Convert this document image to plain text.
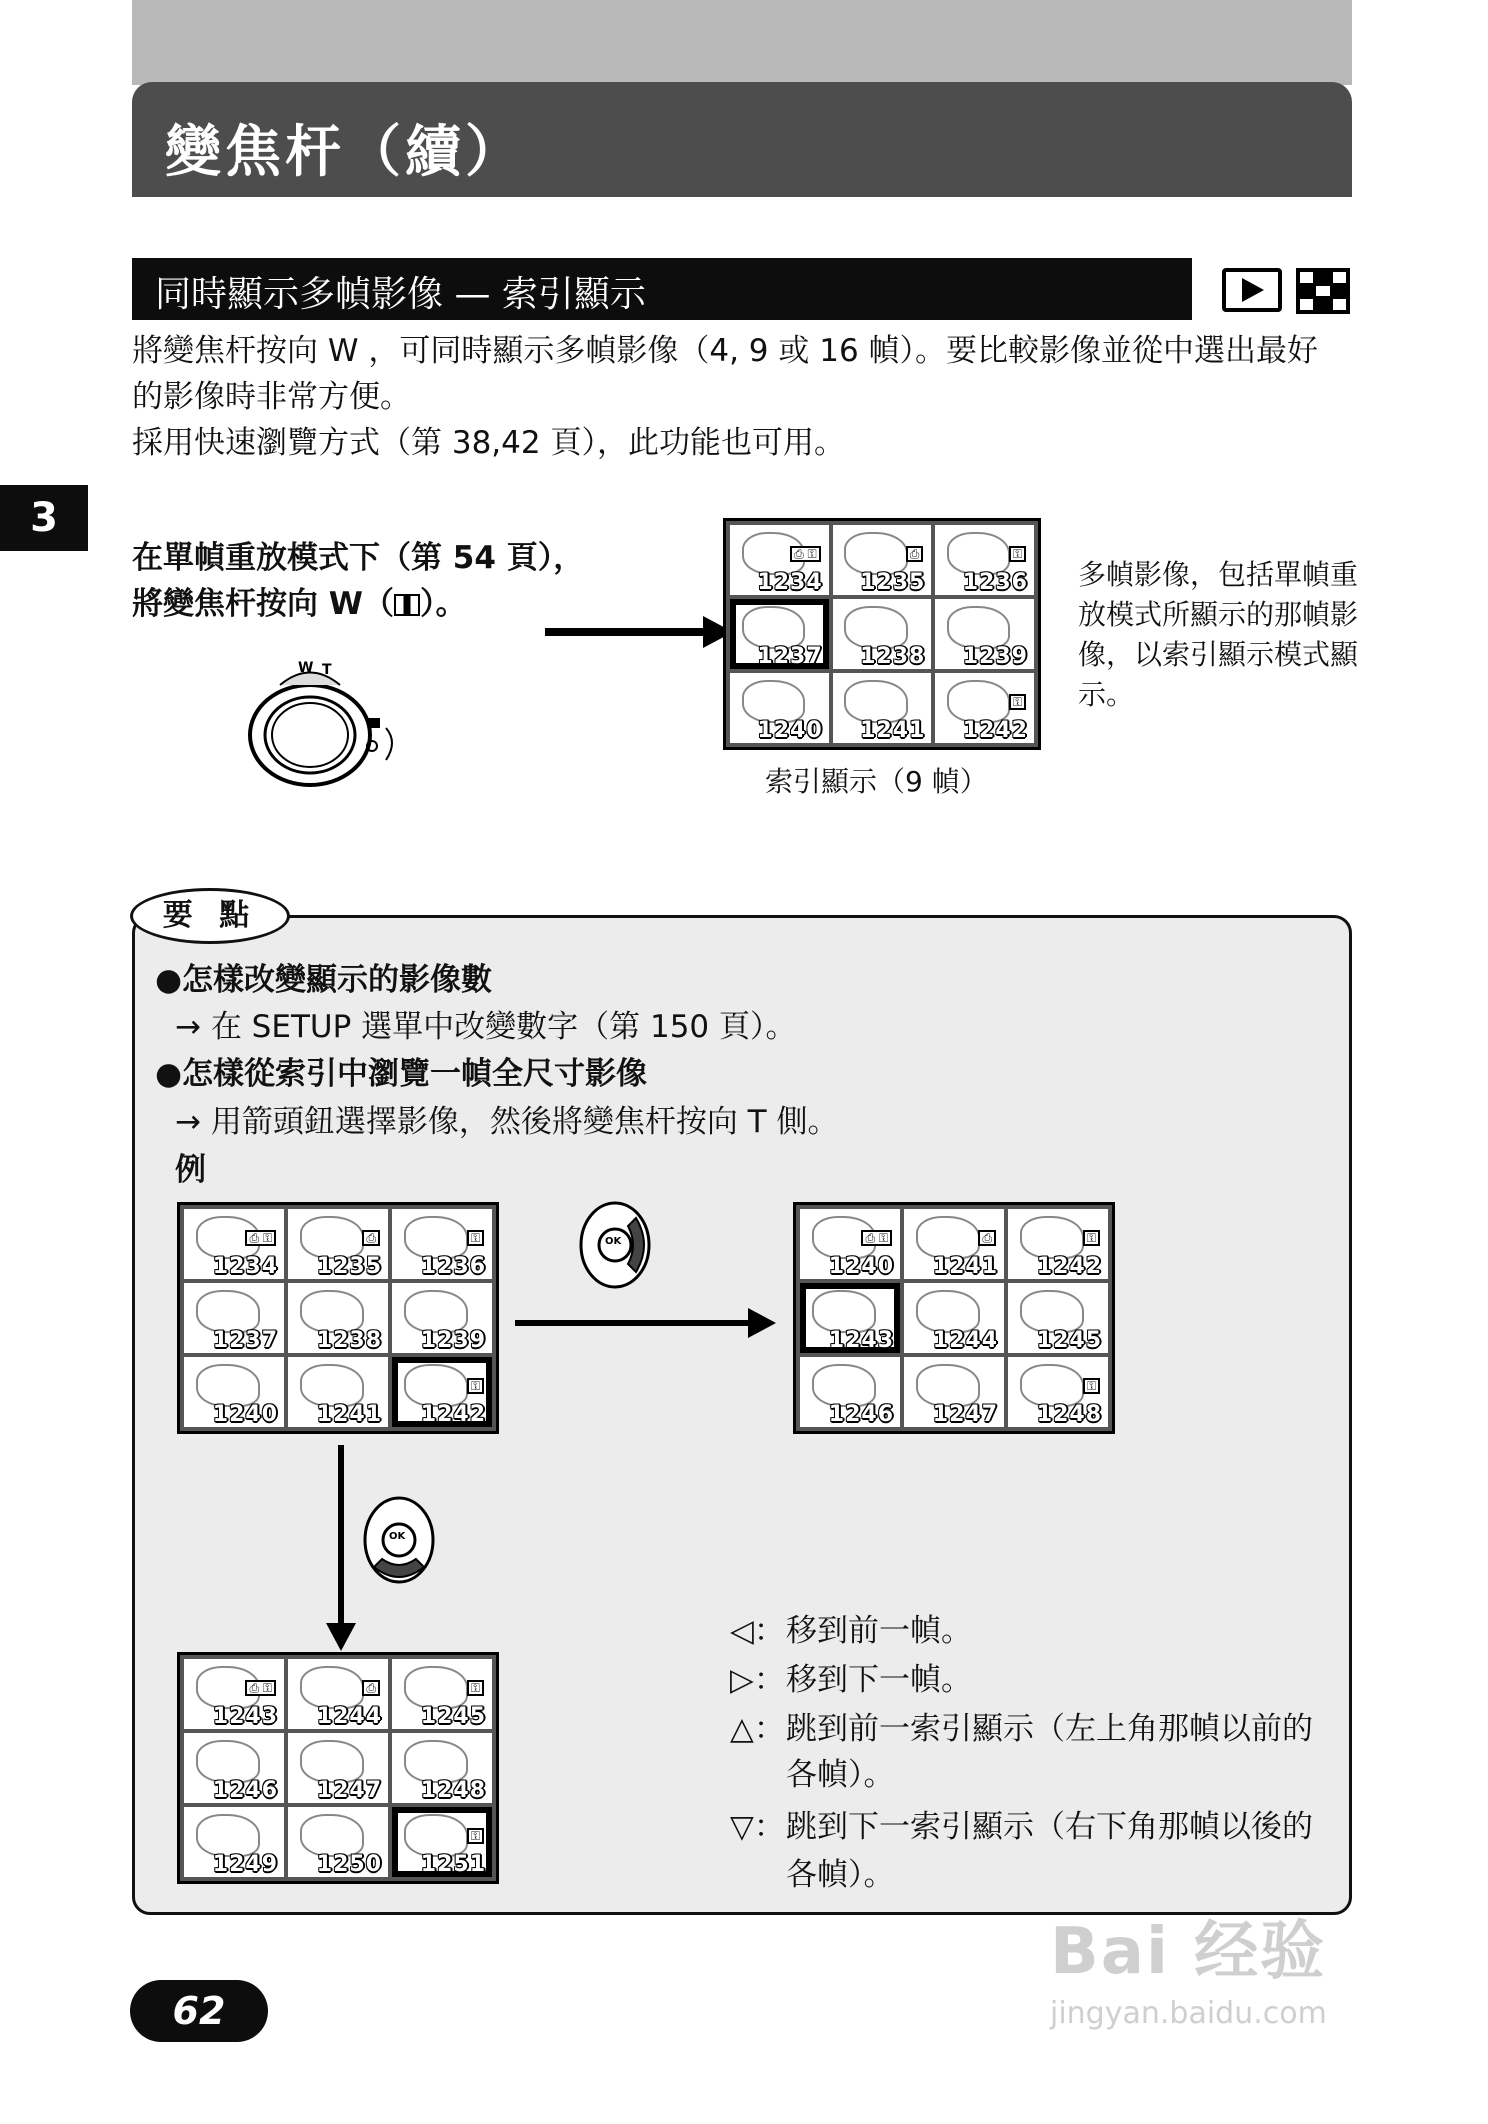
變焦杆（續）
同時顯示多幀影像 — 索引顯示
將變焦杆按向 W ，可同時顯示多幀影像（4, 9 或 16 幀）。要比較影像並從中選出最好
的影像時非常方便。
採用快速瀏覽方式（第 38,42 頁），此功能也可用。
3
在單幀重放模式下（第 54 頁），
將變焦杆按向 W（ ）。
W T
⎙ ⚿
1234
⎙
1235
⚿
1236
1237 1238 1239
1240 1241
⚿
1242
索引顯示（9 幀）
多幀影像，包括單幀重
放模式所顯示的那幀影
像，以索引顯示模式顯
示。
要 點
●怎樣改變顯示的影像數
→ 在 SETUP 選單中改變數字（第 150 頁）。
●怎樣從索引中瀏覽一幀全尺寸影像
→ 用箭頭鈕選擇影像，然後將變焦杆按向 T 側。
例
⎙ ⚿
1234
⎙
1235
⚿
1236
1237 1238 1239
1240 1241
⚿
1242
OK	⎙ ⚿
1240
⎙
1241
⚿
1242
1243 1244 1245
1246 1247
⚿
1248
OK
⎙ ⚿
1243
⎙
1244
⚿
1245
1246 1247 1248
1249 1250
⚿
1251
◁：移到前一幀。
▷：移到下一幀。
△：跳到前一索引顯示（左上角那幀以前的
各幀）。
▽：跳到下一索引顯示（右下角那幀以後的
各幀）。
62
Bai 经验
jingyan.baidu.com
